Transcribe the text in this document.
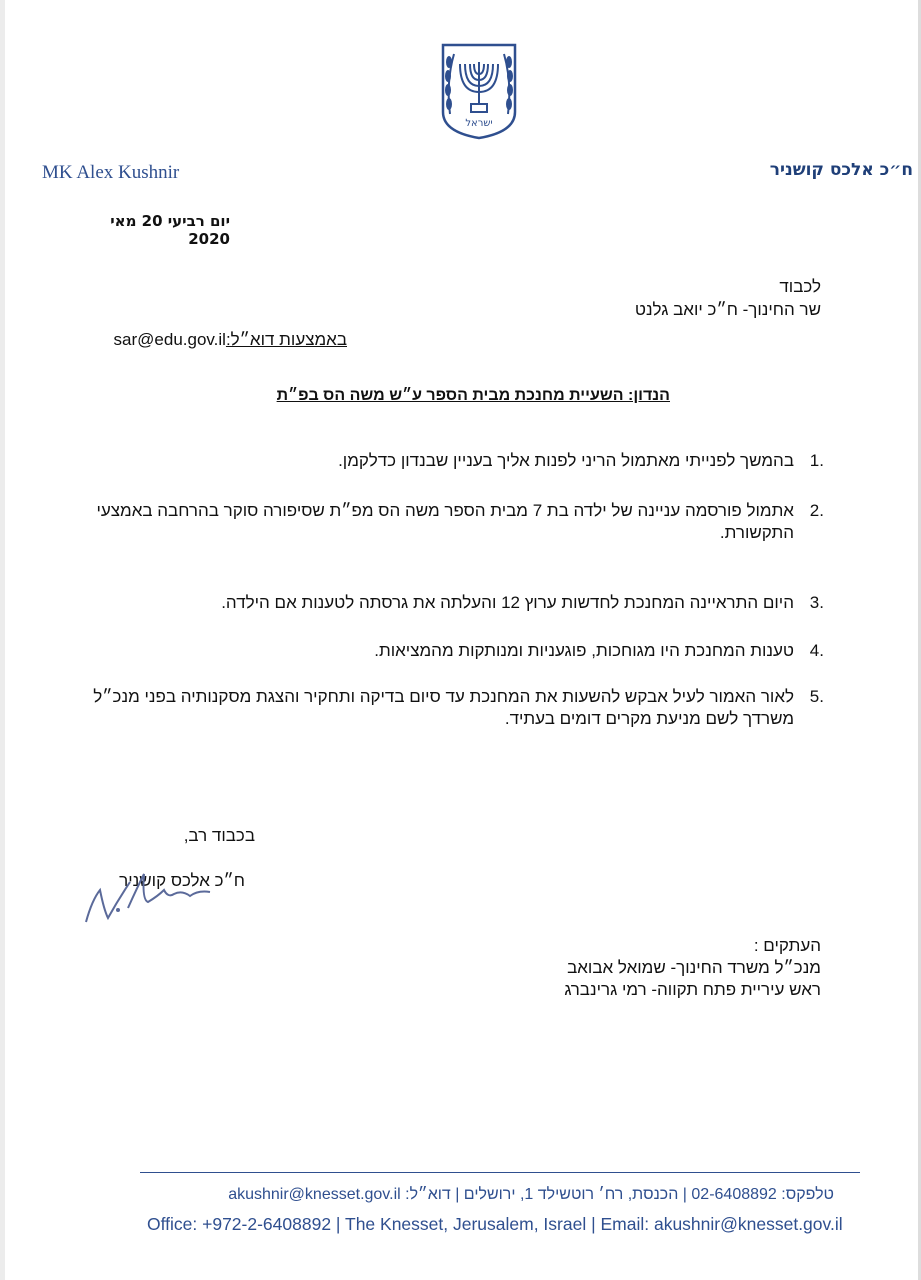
ישראל
MK Alex Kushnir	ח״כ אלכס קושניר
יום רביעי 20 מאי 2020
לכבוד
שר החינוך- ח״כ יואב גלנט
באמצעות דוא״ל:sar@edu.gov.il
הנדון: השעיית מחנכת מבית הספר ע״ש משה הס בפ״ת
.1
בהמשך לפנייתי מאתמול הריני לפנות אליך בעניין שבנדון כדלקמן.
.2
אתמול פורסמה עניינה של ילדה בת 7 מבית הספר משה הס מפ״ת שסיפורה סוקר בהרחבה באמצעי התקשורת.
.3
היום התראיינה המחנכת לחדשות ערוץ 12 והעלתה את גרסתה לטענות אם הילדה.
.4
טענות המחנכת היו מגוחכות, פוגעניות ומנותקות מהמציאות.
.5
לאור האמור לעיל אבקש להשעות את המחנכת עד סיום בדיקה ותחקיר והצגת מסקנותיה בפני מנכ״ל משרדך לשם מניעת מקרים דומים בעתיד.
בכבוד רב,
ח״כ אלכס קושניר
העתקים :
מנכ״ל משרד החינוך- שמואל אבואב
ראש עיריית פתח תקווה- רמי גרינברג
טלפקס: 02-6408892 | הכנסת, רח׳ רוטשילד 1, ירושלים | דוא״ל: akushnir@knesset.gov.il
Office: +972-2-6408892 | The Knesset, Jerusalem, Israel | Email: akushnir@knesset.gov.il
